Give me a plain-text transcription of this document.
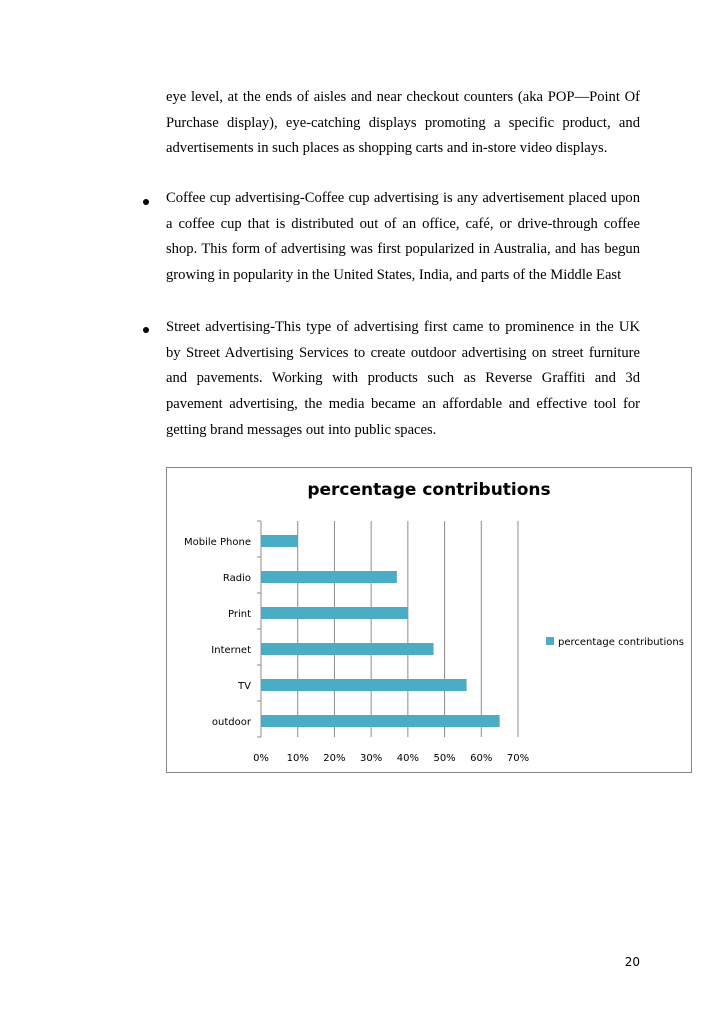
eye level, at the ends of aisles and near checkout counters (aka POP—Point Of Purchase display), eye-catching displays promoting a specific product, and advertisements in such places as shopping carts and in-store video displays.

Coffee cup advertising-Coffee cup advertising is any advertisement placed upon a coffee cup that is distributed out of an office, café, or drive-through coffee shop. This form of advertising was first popularized in Australia, and has begun growing in popularity in the United States, India, and parts of the Middle East

Street advertising-This type of advertising first came to prominence in the UK by Street Advertising Services to create outdoor advertising on street furniture and pavements. Working with products such as Reverse Graffiti and 3d pavement advertising, the media became an affordable and effective tool for getting brand messages out into public spaces.

percentage contributions
0% 10% 20% 30% 40% 50% 60% 70%
Mobile Phone
Radio
Print
Internet
TV
outdoor
percentage contributions
20
